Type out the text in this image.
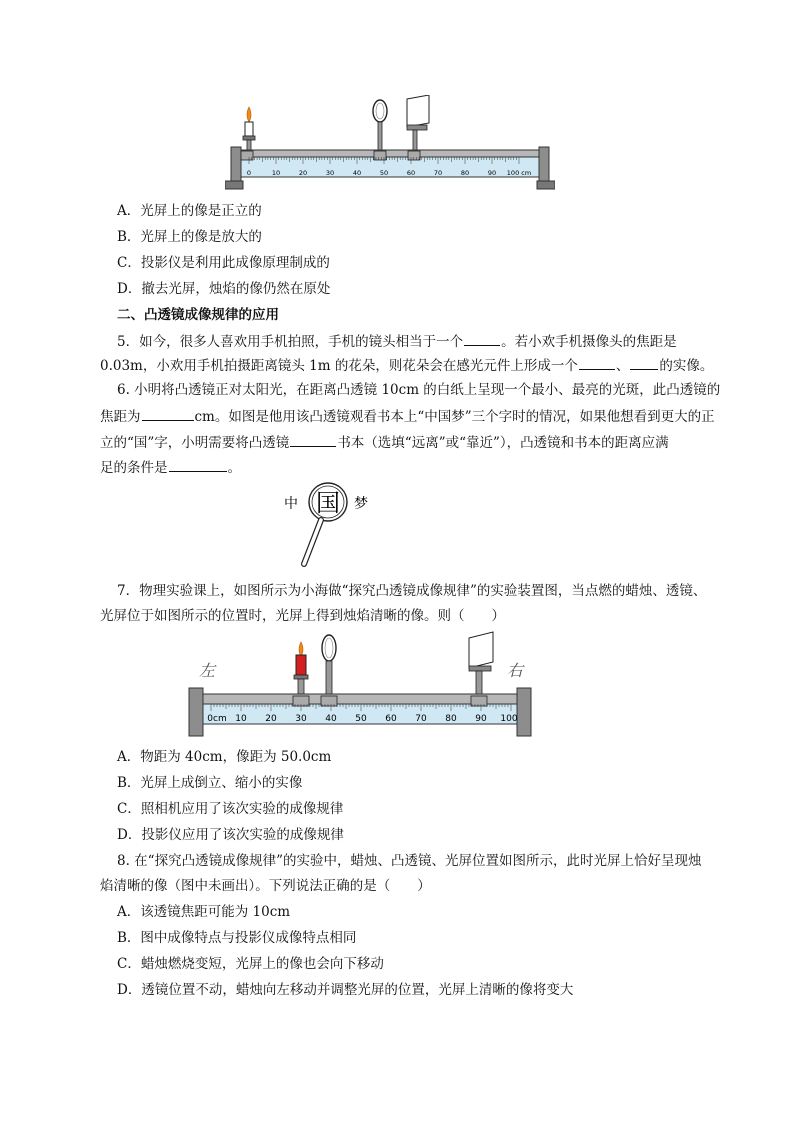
0	10	20	30	40	50	60	70	80	90 100 cm
A．光屏上的像是正立的
B．光屏上的像是放大的
C．投影仪是利用此成像原理制成的
D．撤去光屏，烛焰的像仍然在原处
二、凸透镜成像规律的应用
5．如今，很多人喜欢用手机拍照，手机的镜头相当于一个	。若小欢手机摄像头的焦距是
0.03m，小欢用手机拍摄距离镜头 1m 的花朵，则花朵会在感光元件上形成一个	、 的实像。
6. 小明将凸透镜正对太阳光，在距离凸透镜 10cm 的白纸上呈现一个最小、最亮的光斑，此凸透镜的
焦距为	cm。如图是他用该凸透镜观看书本上“中国梦”三个字时的情况，如果他想看到更大的正
立的“国”字，小明需要将凸透镜	书本（选填“远离”或“靠近”），凸透镜和书本的距离应满
足的条件是	。
中 国 梦
7．物理实验课上，如图所示为小海做“探究凸透镜成像规律”的实验装置图，当点燃的蜡烛、透镜、
光屏位于如图所示的位置时，光屏上得到烛焰清晰的像。则（　　）
左	右
0cm 10 20 30 40 50 60 70 80 90 100
A．物距为 40cm，像距为 50.0cm
B．光屏上成倒立、缩小的实像
C．照相机应用了该次实验的成像规律
D．投影仪应用了该次实验的成像规律
8. 在“探究凸透镜成像规律”的实验中，蜡烛、凸透镜、光屏位置如图所示，此时光屏上恰好呈现烛
焰清晰的像（图中未画出）。下列说法正确的是（　　）
A．该透镜焦距可能为 10cm
B．图中成像特点与投影仪成像特点相同
C．蜡烛燃烧变短，光屏上的像也会向下移动
D．透镜位置不动，蜡烛向左移动并调整光屏的位置，光屏上清晰的像将变大
